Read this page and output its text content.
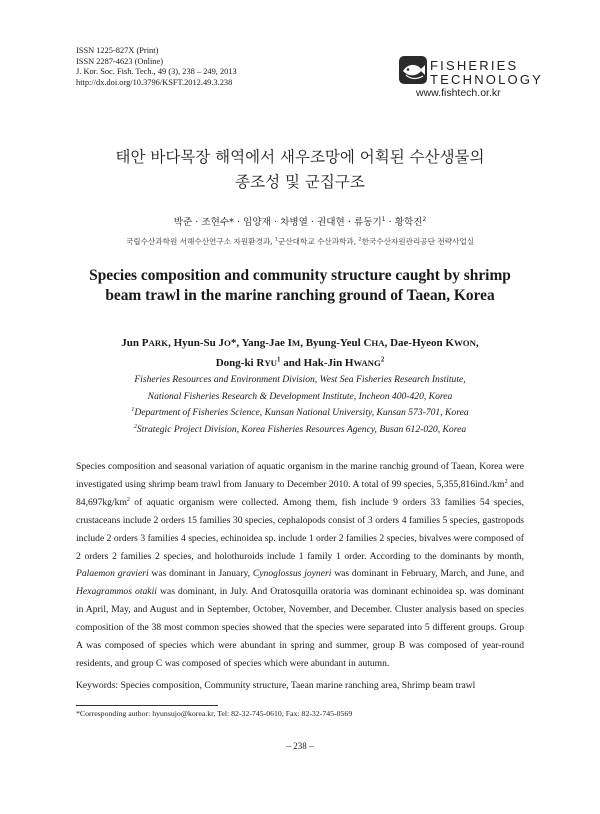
ISSN 1225-827X (Print)
ISSN 2287-4623 (Online)
J. Kor. Soc. Fish. Tech., 49 (3), 238 – 249, 2013
http://dx.doi.org/10.3796/KSFT.2012.49.3.238
FISHERIES
TECHNOLOGY
www.fishtech.or.kr
태안 바다목장 해역에서 새우조망에 어획된 수산생물의
종조성 및 군집구조
박준 · 조현수* · 임양재 · 차병열 · 권대현 · 류동기$^1$ · 황학진$^2$
국립수산과학원 서해수산연구소 자원환경과, $^1$군산대학교 수산과학과, $^2$한국수산자원관리공단 전략사업실
Species composition and community structure caught by shrimp
beam trawl in the marine ranching ground of Taean, Korea
Jun PARK, Hyun-Su JO*, Yang-Jae IM, Byung-Yeul CHA, Dae-Hyeon KWON,
Dong-ki RYU$^1$ and Hak-Jin HWANG$^2$
Fisheries Resources and Environment Division, West Sea Fisheries Research Institute,
National Fisheries Research & Development Institute, Incheon 400-420, Korea
$^1$Department of Fisheries Science, Kunsan National University, Kunsan 573-701, Korea
$^2$Strategic Project Division, Korea Fisheries Resources Agency, Busan 612-020, Korea
Species composition and seasonal variation of aquatic organism in the marine ranchig ground of Taean, Korea were investigated using shrimp beam trawl from January to December 2010. A total of 99 species, $5,355,816ind./km^2$ and $84,697kg/km^2$ of aquatic organism were collected. Among them, fish include 9 orders 33 families 54 species, crustaceans include 2 orders 15 families 30 species, cephalopods consist of 3 orders 4 families 5 species, gastropods include 2 orders 3 families 4 species, echinoidea sp. include 1 order 2 families 2 species, bivalves were composed of 2 orders 2 families 2 species, and holothuroids include 1 family 1 order. According to the dominants by month, Palaemon gravieri was dominant in January, Cynoglossus joyneri was dominant in February, March, and June, and Hexagrammos otakii was dominant, in July. And Oratosquilla oratoria was dominant echinoidea sp. was dominant in April, May, and August and in September, October, November, and December. Cluster analysis based on species composition of the 38 most common species showed that the species were separated into 5 different groups. Group A was composed of species which were abundant in spring and summer, group B was composed of year-round residents, and group C was composed of species which were abundant in autumn.
Keywords: Species composition, Community structure, Taean marine ranching area, Shrimp beam trawl
*Corresponding author: hyunsujo@korea.kr, Tel: 82-32-745-0610, Fax: 82-32-745-0569
– 238 –
